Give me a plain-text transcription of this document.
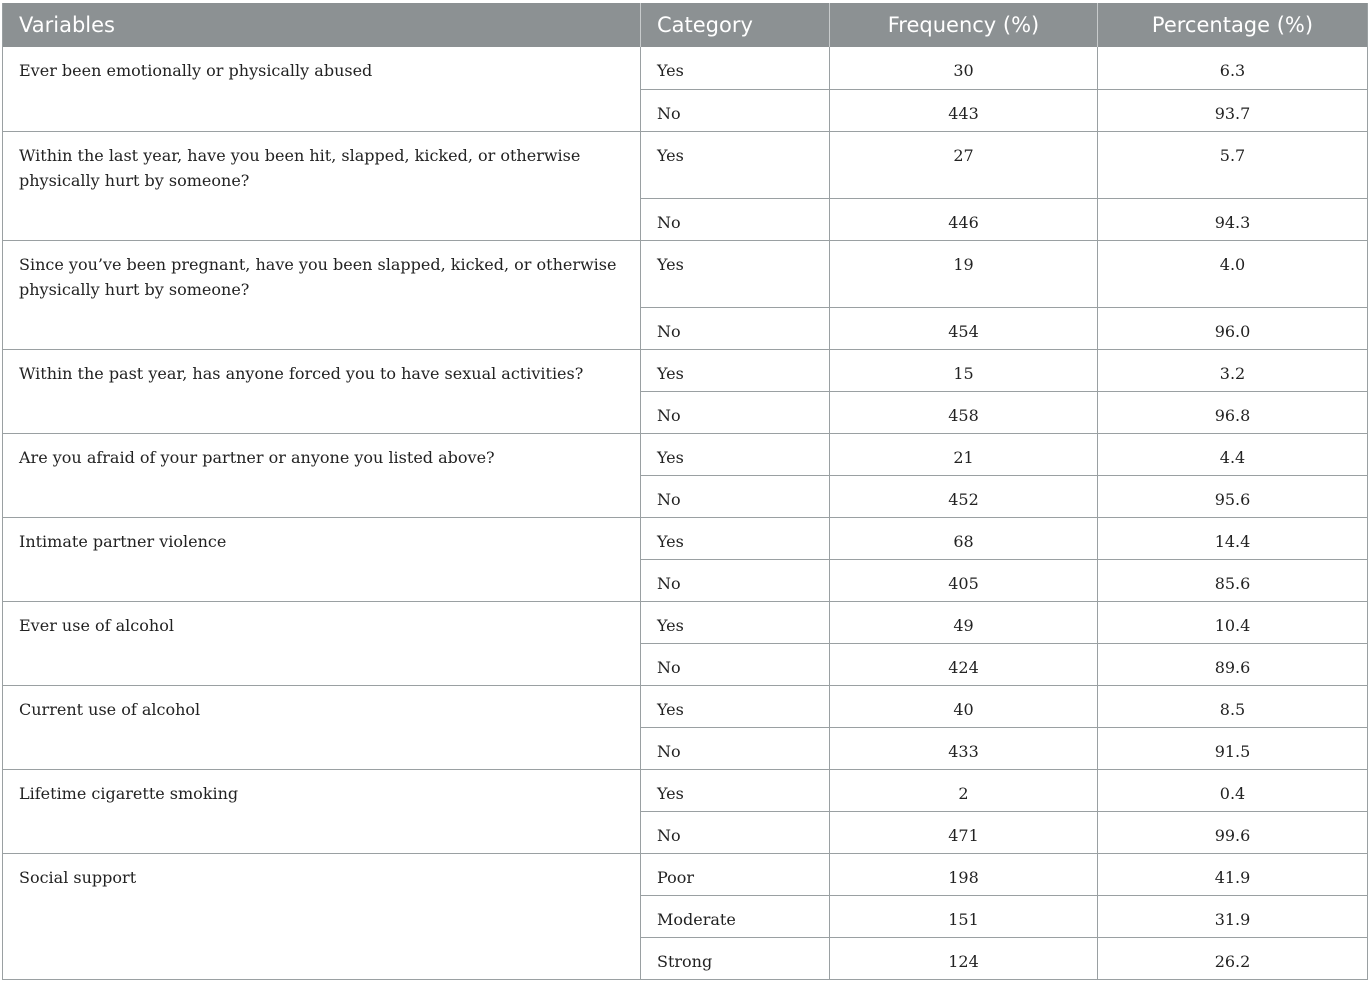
Variables	Category	Frequency (%)	Percentage (%)
Ever been emotionally or physically abused	Yes	30	6.3
	No	443	93.7
Within the last year, have you been hit, slapped, kicked, or otherwise physically hurt by someone?	Yes	27	5.7
	No	446	94.3
Since you’ve been pregnant, have you been slapped, kicked, or otherwise physically hurt by someone?	Yes	19	4.0
	No	454	96.0
Within the past year, has anyone forced you to have sexual activities?	Yes	15	3.2
	No	458	96.8
Are you afraid of your partner or anyone you listed above?	Yes	21	4.4
	No	452	95.6
Intimate partner violence	Yes	68	14.4
	No	405	85.6
Ever use of alcohol	Yes	49	10.4
	No	424	89.6
Current use of alcohol	Yes	40	8.5
	No	433	91.5
Lifetime cigarette smoking	Yes	2	0.4
	No	471	99.6
Social support	Poor	198	41.9
	Moderate	151	31.9
	Strong	124	26.2
